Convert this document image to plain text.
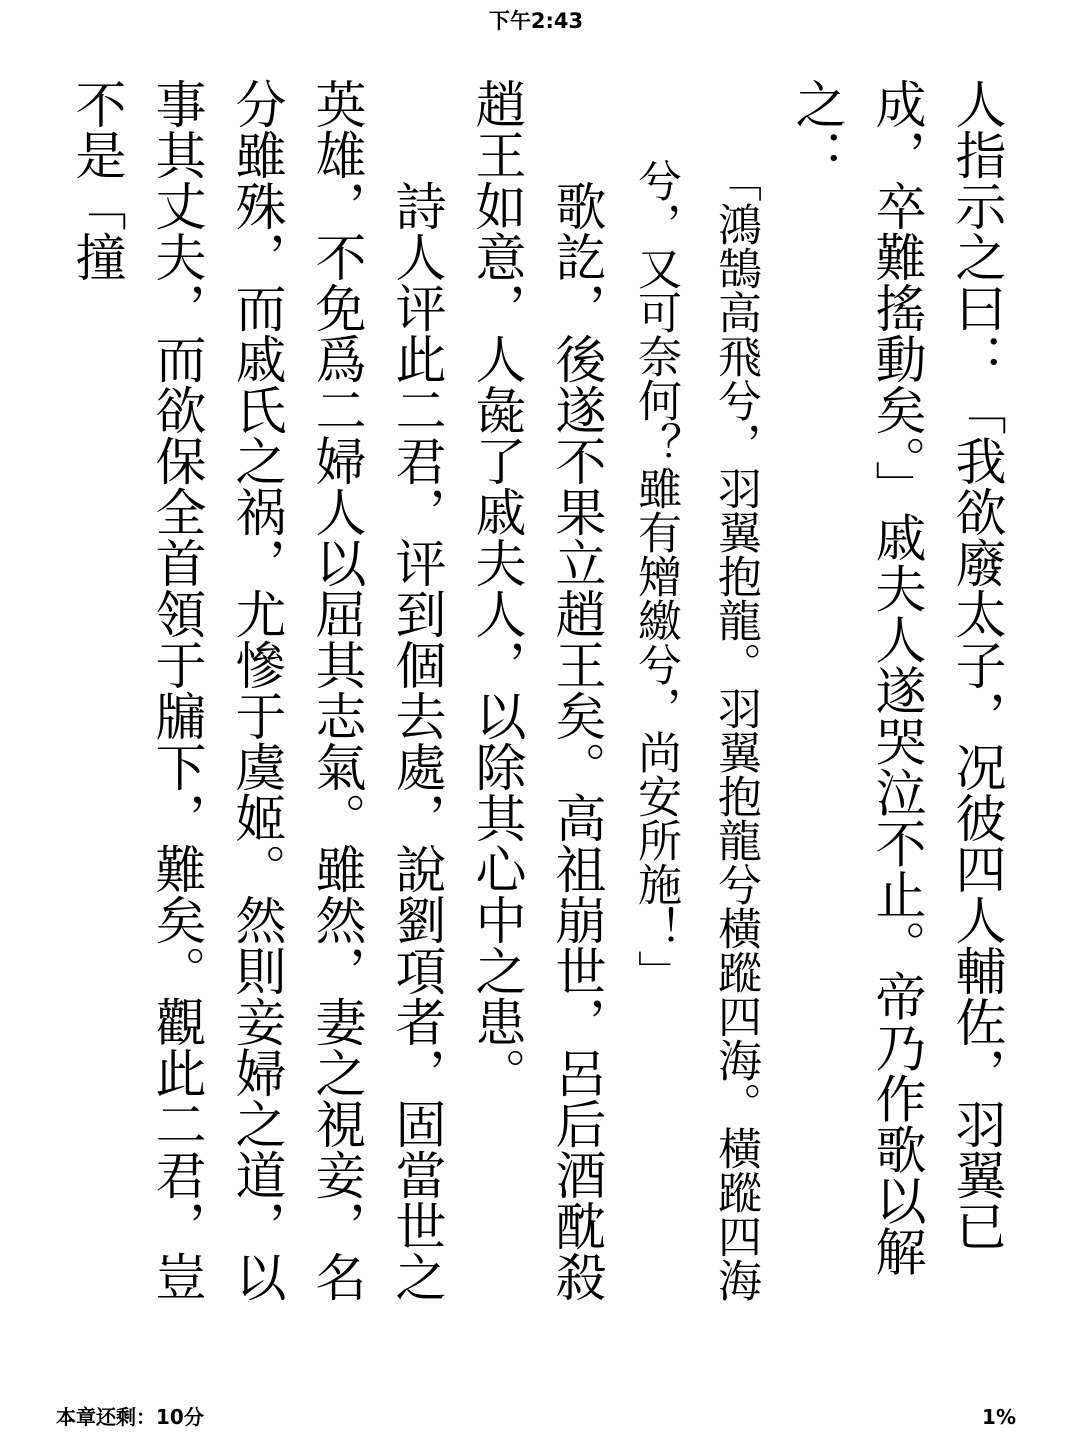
下午2:43

人指示之曰：「我欲廢太子，况彼四人輔佐，羽翼已成，卒難搖動矣。」戚夫人遂哭泣不止。帝乃作歌以解之：

「鴻鵠高飛兮，羽翼抱龍。羽翼抱龍兮橫蹤四海。橫蹤四海兮，又可奈何？雖有矰繳兮，尚安所施！」

歌訖，後遂不果立趙王矣。高祖崩世，呂后酒酖殺趙王如意，人彘了戚夫人，以除其心中之患。

詩人评此二君，评到個去處，說劉項者，固當世之英雄，不免爲二婦人以屈其志氣。雖然，妻之視妾，名分雖殊，而戚氏之祸，尤慘于虞姬。然則妾婦之道，以事其丈夫，而欲保全首領于牖下，難矣。觀此二君，豈不是「撞

本章还剩：10分	1%
